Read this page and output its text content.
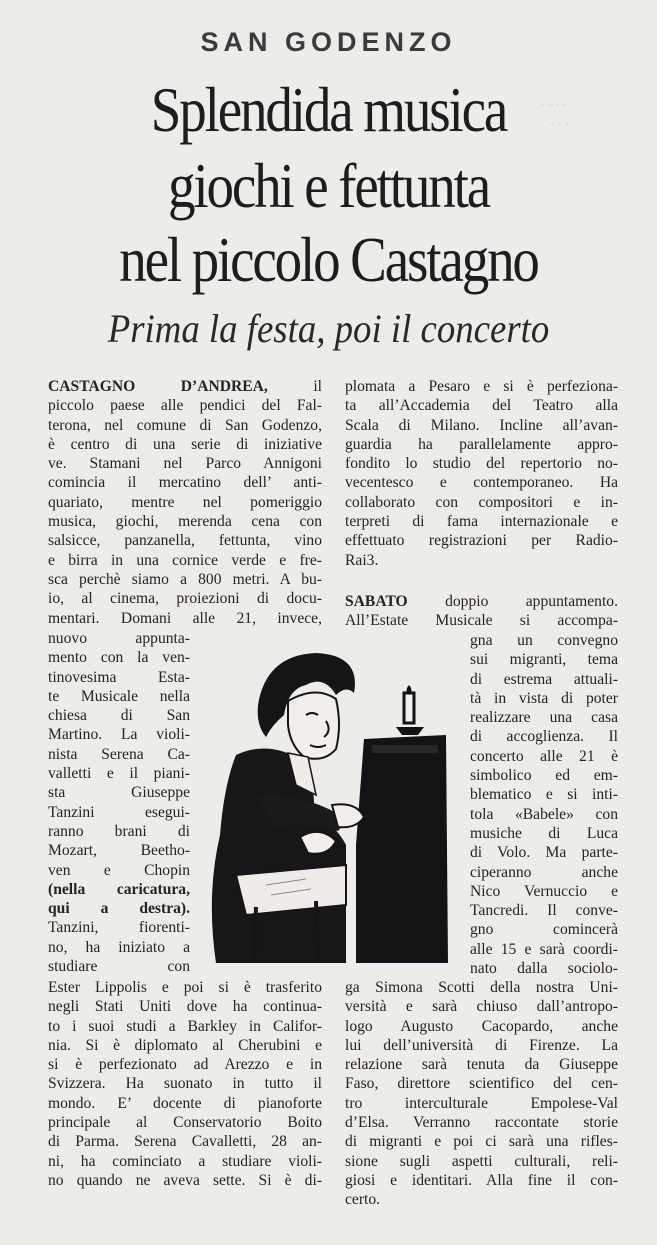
· · · ·
· · ·
SAN GODENZO
Splendida musica
giochi e fettunta
nel piccolo Castagno
Prima la festa, poi il concerto
CASTAGNO D’ANDREA, il
piccolo paese alle pendici del Fal-
terona, nel comune di San Godenzo,
è centro di una serie di iniziative
ve. Stamani nel Parco Annigoni
comincia il mercatino dell’ anti-
quariato, mentre nel pomeriggio
musica, giochi, merenda cena con
salsicce, panzanella, fettunta, vino
e birra in una cornice verde e fre-
sca perchè siamo a 800 metri. A bu-
io, al cinema, proiezioni di docu-
mentari. Domani alle 21, invece,
nuovo appunta-
mento con la ven-
tinovesima Esta-
te Musicale nella
chiesa di San
Martino. La violi-
nista Serena Ca-
valletti e il piani-
sta Giuseppe
Tanzini esegui-
ranno brani di
Mozart, Beetho-
ven e Chopin
(nella caricatura,
qui a destra).
Tanzini, fiorenti-
no, ha iniziato a
studiare con
Ester Lippolis e poi si è trasferito
negli Stati Uniti dove ha continua-
to i suoi studi a Barkley in Califor-
nia. Si è diplomato al Cherubini e
si è perfezionato ad Arezzo e in
Svizzera. Ha suonato in tutto il
mondo. E’ docente di pianoforte
principale al Conservatorio Boito
di Parma. Serena Cavalletti, 28 an-
ni, ha cominciato a studiare violi-
no quando ne aveva sette. Si è di-
plomata a Pesaro e si è perfeziona-
ta all’Accademia del Teatro alla
Scala di Milano. Incline all’avan-
guardia ha parallelamente appro-
fondito lo studio del repertorio no-
vecentesco e contemporaneo. Ha
collaborato con compositori e in-
terpreti di fama internazionale e
effettuato registrazioni per Radio-
Rai3.
SABATO doppio appuntamento.
All’Estate Musicale si accompa-
gna un convegno
sui migranti, tema
di estrema attuali-
tà in vista di poter
realizzare una casa
di accoglienza. Il
concerto alle 21 è
simbolico ed em-
blematico e si inti-
tola «Babele» con
musiche di Luca
di Volo. Ma parte-
ciperanno anche
Nico Vernuccio e
Tancredi. Il conve-
gno comincerà
alle 15 e sarà coordi-
nato dalla sociolo-
ga Simona Scotti della nostra Uni-
versità e sarà chiuso dall’antropo-
logo Augusto Cacopardo, anche
lui dell’università di Firenze. La
relazione sarà tenuta da Giuseppe
Faso, direttore scientifico del cen-
tro interculturale Empolese-Val
d’Elsa. Verranno raccontate storie
di migranti e poi ci sarà una rifles-
sione sugli aspetti culturali, reli-
giosi e identitari. Alla fine il con-
certo.
